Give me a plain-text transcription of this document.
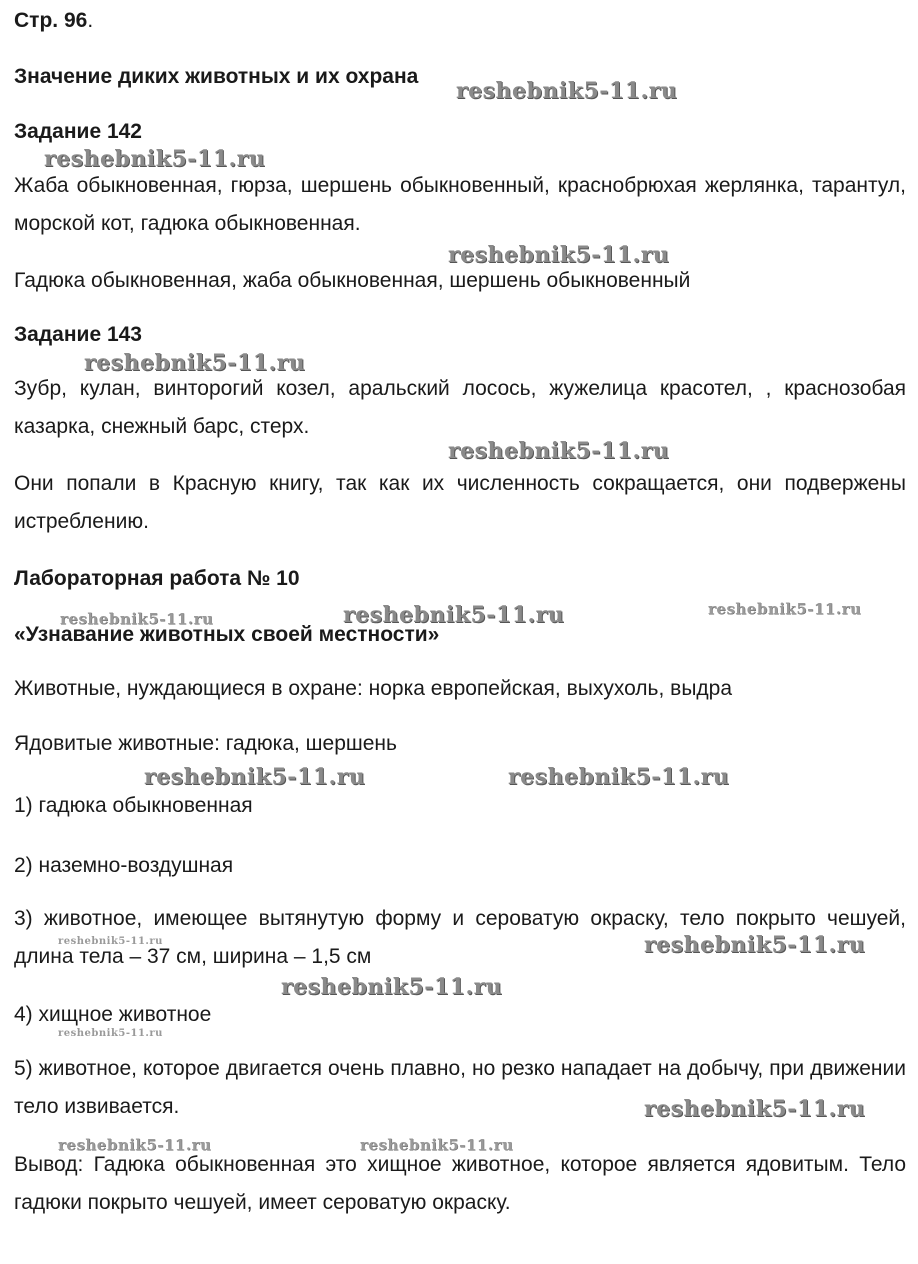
Стр. 96.
Значение диких животных и их охрана
Задание 142
Жаба обыкновенная, гюрза, шершень обыкновенный, краснобрюхая жерлянка, тарантул, морской кот, гадюка обыкновенная.
Гадюка обыкновенная, жаба обыкновенная, шершень обыкновенный
Задание 143
Зубр, кулан, винторогий козел, аральский лосось, жужелица красотел, , краснозобая казарка, снежный барс, стерх.
Они попали в Красную книгу, так как их численность сокращается, они подвержены истреблению.
Лабораторная работа № 10
«Узнавание животных своей местности»
Животные, нуждающиеся в охране: норка европейская, выхухоль, выдра
Ядовитые животные: гадюка, шершень
1) гадюка обыкновенная
2) наземно-воздушная
3) животное, имеющее вытянутую форму и сероватую окраску, тело покрыто чешуей, длина тела – 37 см, ширина – 1,5 см
4) хищное животное
5) животное, которое двигается очень плавно, но резко нападает на добычу, при движении тело извивается.
Вывод: Гадюка обыкновенная это хищное животное, которое является ядовитым. Тело гадюки покрыто чешуей, имеет сероватую окраску.
reshebnik5-11.ru
reshebnik5-11.ru
reshebnik5-11.ru
reshebnik5-11.ru
reshebnik5-11.ru
reshebnik5-11.ru	reshebnik5-11.ru	reshebnik5-11.ru
reshebnik5-11.ru	reshebnik5-11.ru
reshebnik5-11.ru	reshebnik5-11.ru
reshebnik5-11.ru
reshebnik5-11.ru
reshebnik5-11.ru
reshebnik5-11.ru	reshebnik5-11.ru
